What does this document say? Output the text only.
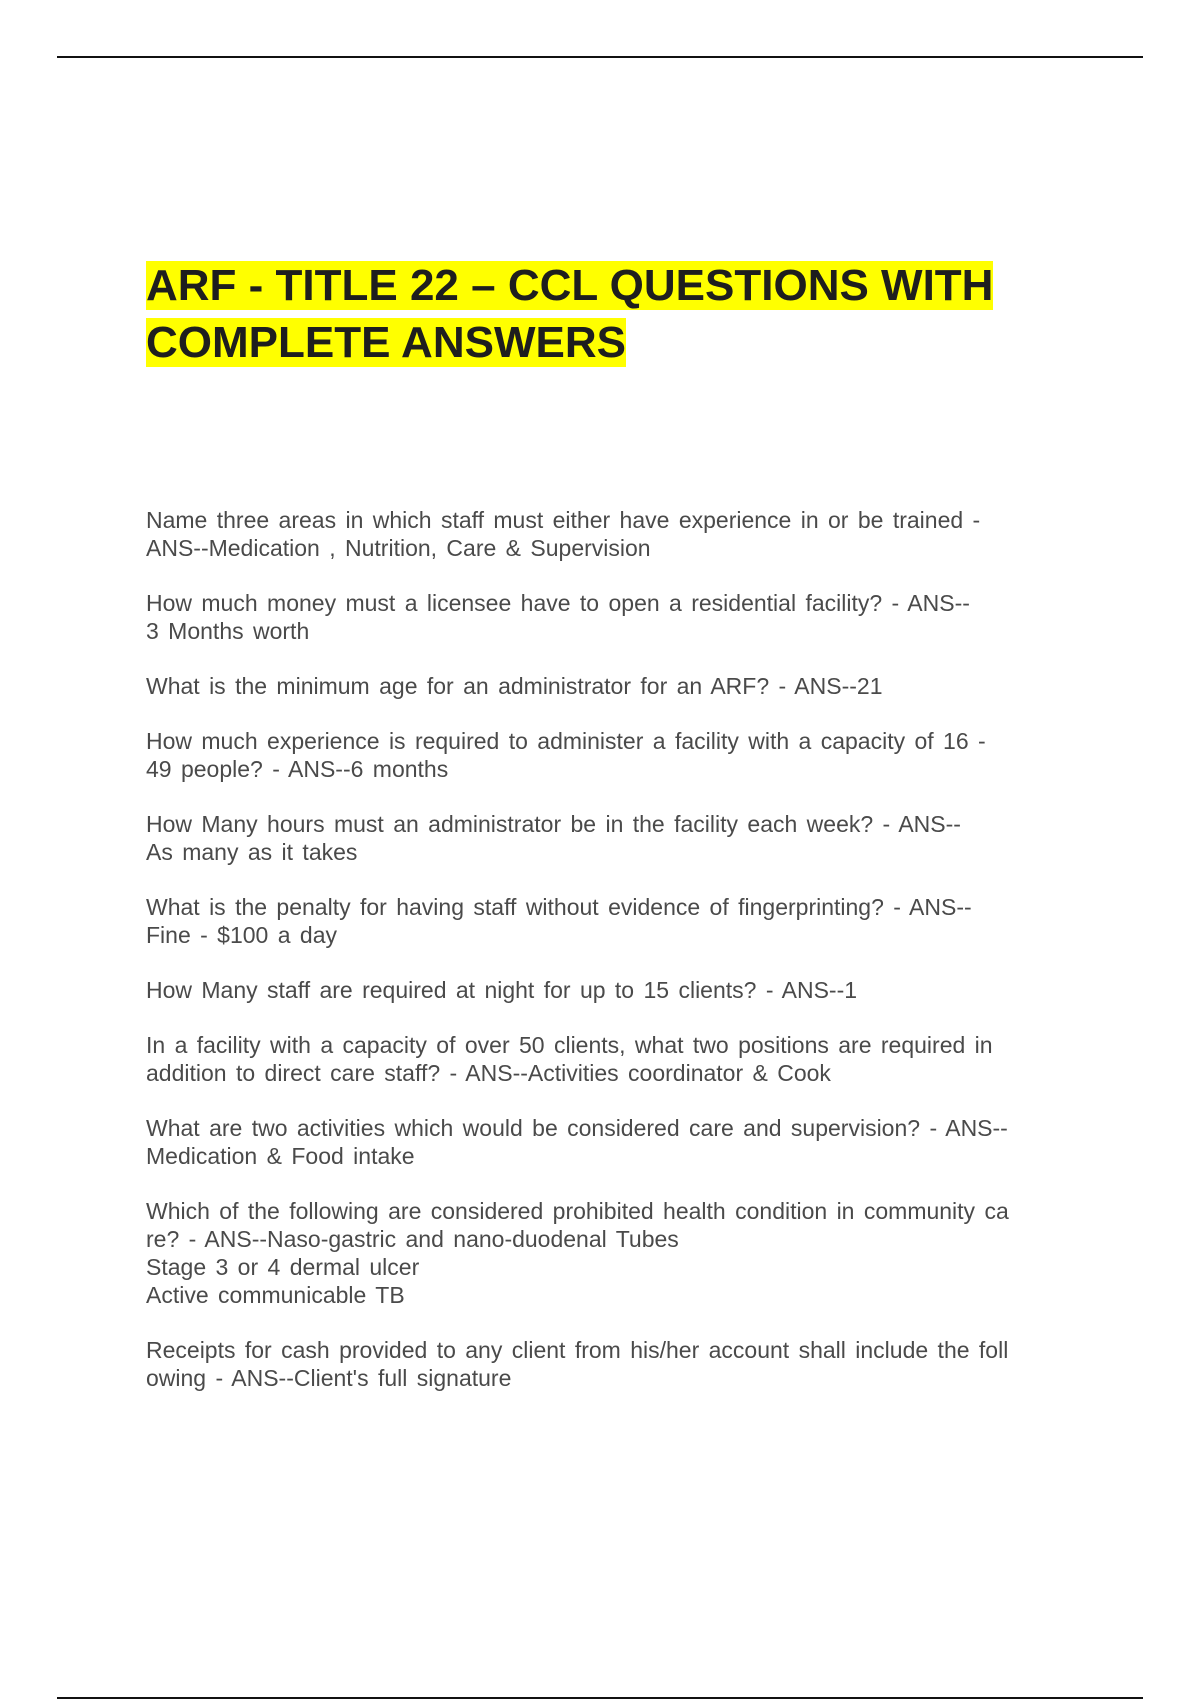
ARF - TITLE 22 – CCL QUESTIONS WITH
COMPLETE ANSWERS
Name three areas in which staff must either have experience in or be trained -
ANS--Medication , Nutrition, Care & Supervision
How much money must a licensee have to open a residential facility? - ANS--
3 Months worth
What is the minimum age for an administrator for an ARF? - ANS--21
How much experience is required to administer a facility with a capacity of 16 -
49 people? - ANS--6 months
How Many hours must an administrator be in the facility each week? - ANS--
As many as it takes
What is the penalty for having staff without evidence of fingerprinting? - ANS--
Fine - $100 a day
How Many staff are required at night for up to 15 clients? - ANS--1
In a facility with a capacity of over 50 clients, what two positions are required in
addition to direct care staff? - ANS--Activities coordinator & Cook
What are two activities which would be considered care and supervision? - ANS--
Medication & Food intake
Which of the following are considered prohibited health condition in community ca
re? - ANS--Naso-gastric and nano-duodenal Tubes
Stage 3 or 4 dermal ulcer
Active communicable TB
Receipts for cash provided to any client from his/her account shall include the foll
owing - ANS--Client's full signature
